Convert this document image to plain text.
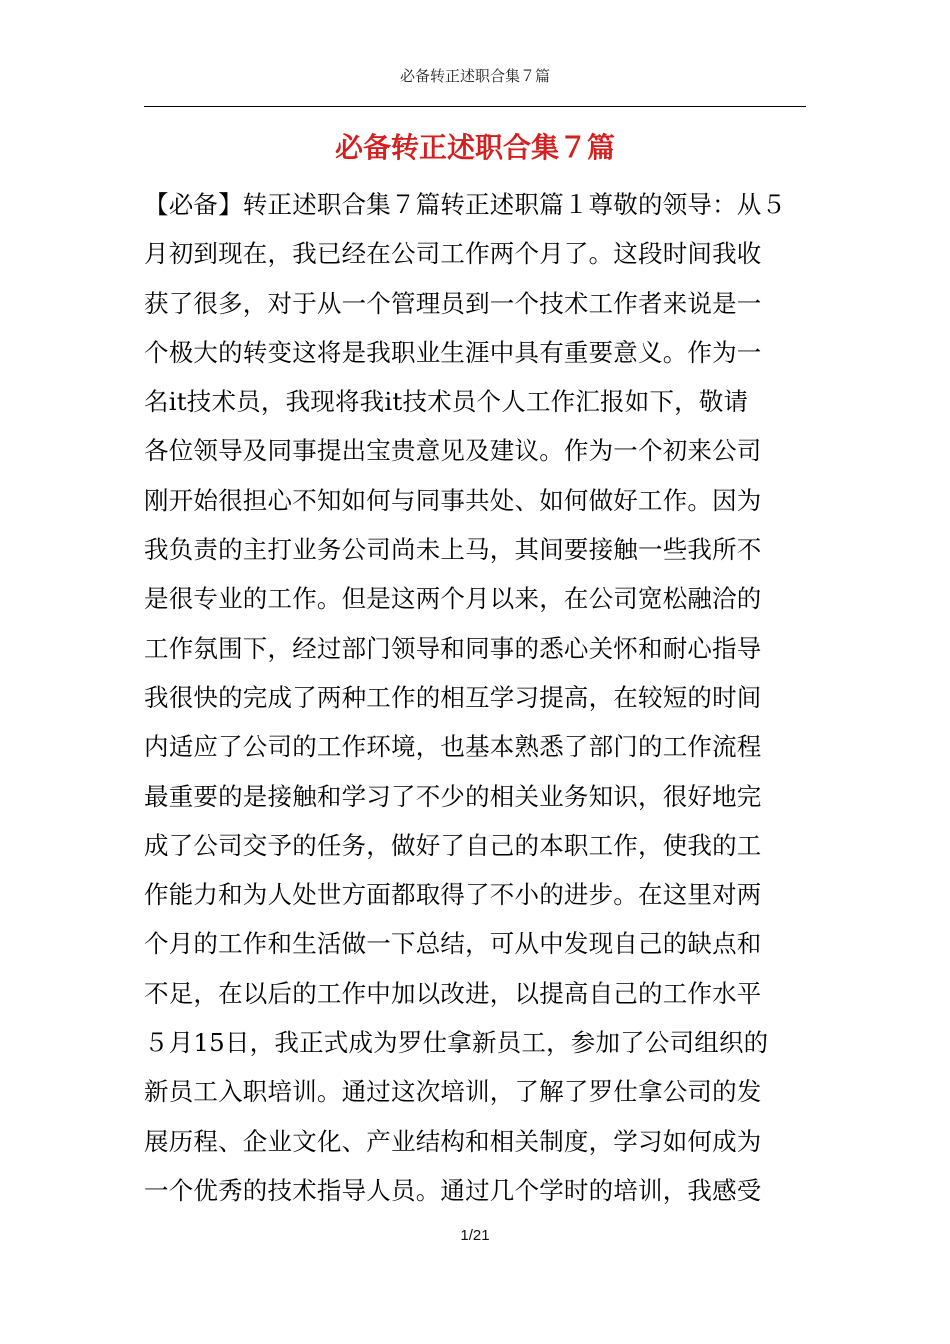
必备转正述职合集７篇
必备转正述职合集７篇
【必备】转正述职合集７篇转正述职篇１尊敬的领导：从５
月初到现在，我已经在公司工作两个月了。这段时间我收
获了很多，对于从一个管理员到一个技术工作者来说是一
个极大的转变这将是我职业生涯中具有重要意义。作为一
名it技术员，我现将我it技术员个人工作汇报如下，敬请
各位领导及同事提出宝贵意见及建议。作为一个初来公司
刚开始很担心不知如何与同事共处、如何做好工作。因为
我负责的主打业务公司尚未上马，其间要接触一些我所不
是很专业的工作。但是这两个月以来，在公司宽松融洽的
工作氛围下，经过部门领导和同事的悉心关怀和耐心指导
我很快的完成了两种工作的相互学习提高，在较短的时间
内适应了公司的工作环境，也基本熟悉了部门的工作流程
最重要的是接触和学习了不少的相关业务知识，很好地完
成了公司交予的任务，做好了自己的本职工作，使我的工
作能力和为人处世方面都取得了不小的进步。在这里对两
个月的工作和生活做一下总结，可从中发现自己的缺点和
不足，在以后的工作中加以改进，以提高自己的工作水平
５月15日，我正式成为罗仕拿新员工，参加了公司组织的
新员工入职培训。通过这次培训，了解了罗仕拿公司的发
展历程、企业文化、产业结构和相关制度，学习如何成为
一个优秀的技术指导人员。通过几个学时的培训，我感受
1/21
